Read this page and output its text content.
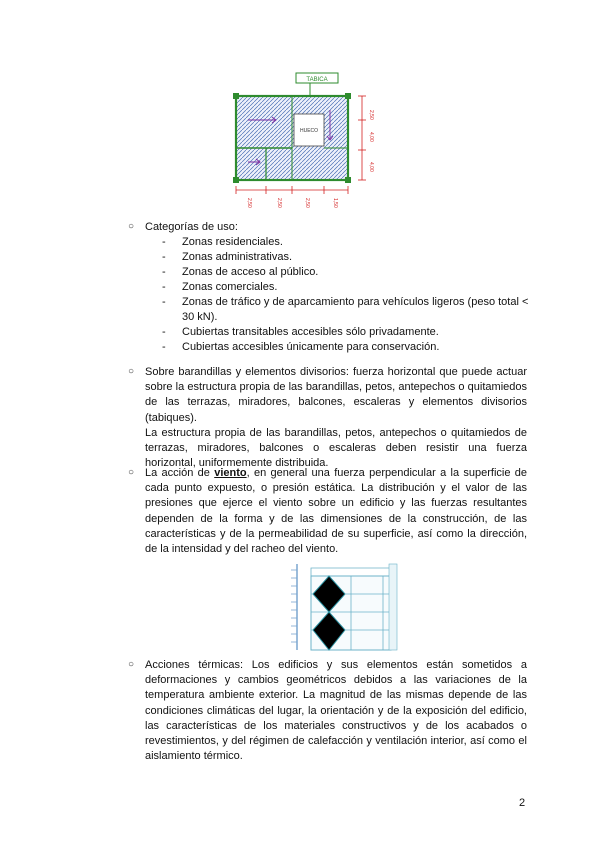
TABICA
HUECO
2,50
4,00
4,00
2,50	2,50	2,50	1,50
○ Categorías de uso:
- Zonas residenciales.
- Zonas administrativas.
- Zonas de acceso al público.
- Zonas comerciales.
- Zonas de tráfico y de aparcamiento para vehículos ligeros (peso total < 30 kN).
- Cubiertas transitables accesibles sólo privadamente.
- Cubiertas accesibles únicamente para conservación.
○ Sobre barandillas y elementos divisorios: fuerza horizontal que puede actuar sobre la estructura propia de las barandillas, petos, antepechos o quitamiedos de las terrazas, miradores, balcones, escaleras y elementos divisorios (tabiques).
La estructura propia de las barandillas, petos, antepechos o quitamiedos de terrazas, miradores, balcones o escaleras deben resistir una fuerza horizontal, uniformemente distribuida.
○ La acción de viento, en general una fuerza perpendicular a la superficie de cada punto expuesto, o presión estática. La distribución y el valor de las presiones que ejerce el viento sobre un edificio y las fuerzas resultantes dependen de la forma y de las dimensiones de la construcción, de las características y de la permeabilidad de su superficie, así como la dirección, de la intensidad y del racheo del viento.
○ Acciones térmicas: Los edificios y sus elementos están sometidos a deformaciones y cambios geométricos debidos a las variaciones de la temperatura ambiente exterior. La magnitud de las mismas depende de las condiciones climáticas del lugar, la orientación y de la exposición del edificio, las características de los materiales constructivos y de los acabados o revestimientos, y del régimen de calefacción y ventilación interior, así como el aislamiento térmico.
2
